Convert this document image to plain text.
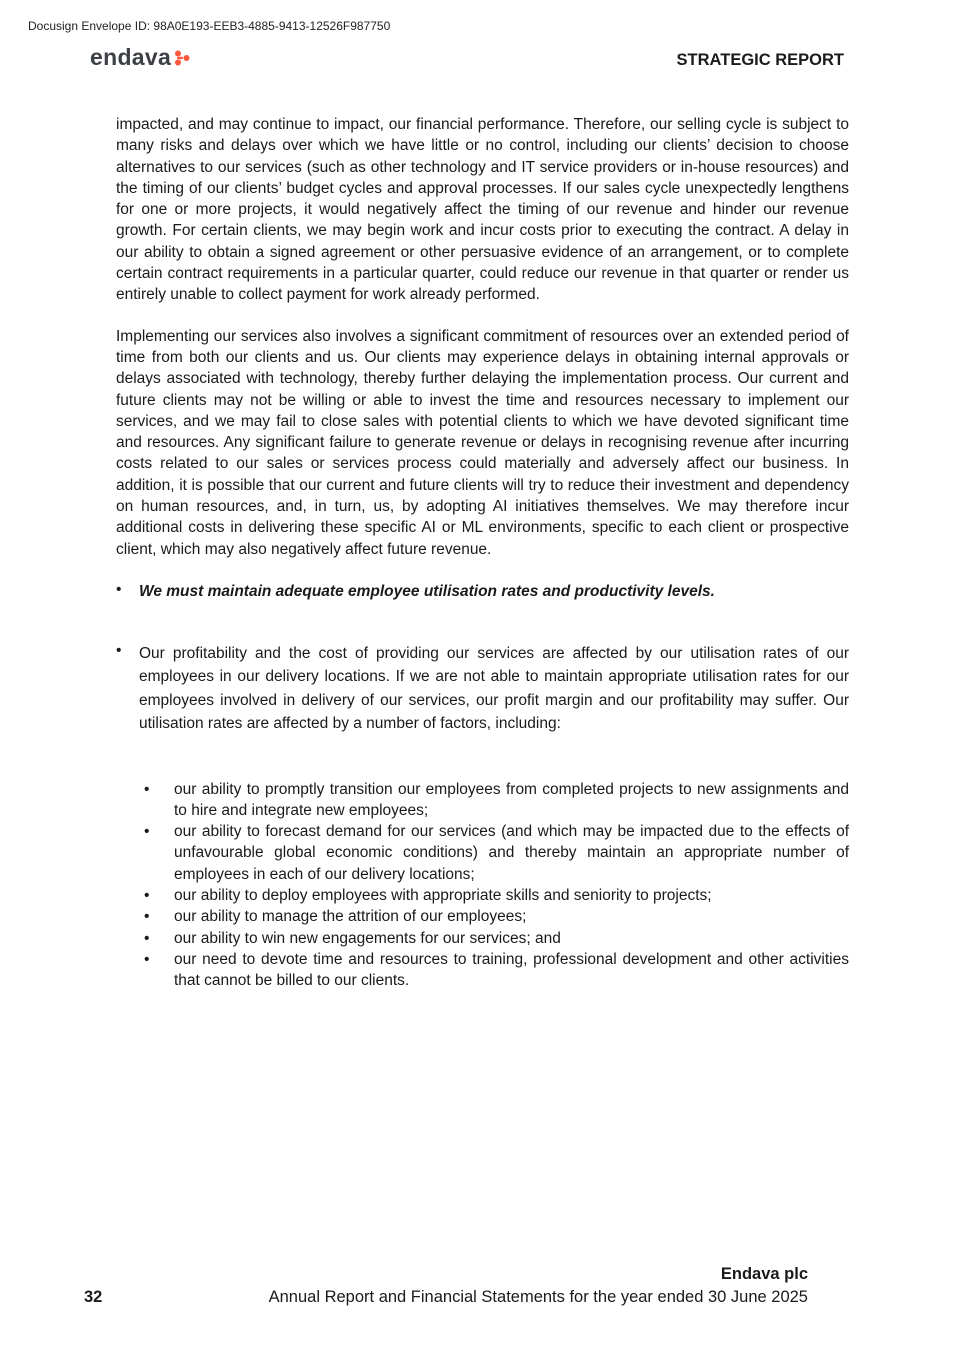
Docusign Envelope ID: 98A0E193-EEB3-4885-9413-12526F987750
endava	STRATEGIC REPORT

impacted, and may continue to impact, our financial performance. Therefore, our selling cycle is subject to many risks and delays over which we have little or no control, including our clients’ decision to choose alternatives to our services (such as other technology and IT service providers or in-house resources) and the timing of our clients’ budget cycles and approval processes. If our sales cycle unexpectedly lengthens for one or more projects, it would negatively affect the timing of our revenue and hinder our revenue growth. For certain clients, we may begin work and incur costs prior to executing the contract. A delay in our ability to obtain a signed agreement or other persuasive evidence of an arrangement, or to complete certain contract requirements in a particular quarter, could reduce our revenue in that quarter or render us entirely unable to collect payment for work already performed.

Implementing our services also involves a significant commitment of resources over an extended period of time from both our clients and us. Our clients may experience delays in obtaining internal approvals or delays associated with technology, thereby further delaying the implementation process. Our current and future clients may not be willing or able to invest the time and resources necessary to implement our services, and we may fail to close sales with potential clients to which we have devoted significant time and resources. Any significant failure to generate revenue or delays in recognising revenue after incurring costs related to our sales or services process could materially and adversely affect our business. In addition, it is possible that our current and future clients will try to reduce their investment and dependency on human resources, and, in turn, us, by adopting AI initiatives themselves. We may therefore incur additional costs in delivering these specific AI or ML environments, specific to each client or prospective client, which may also negatively affect future revenue.

•	We must maintain adequate employee utilisation rates and productivity levels.
•	Our profitability and the cost of providing our services are affected by our utilisation rates of our employees in our delivery locations. If we are not able to maintain appropriate utilisation rates for our employees involved in delivery of our services, our profit margin and our profitability may suffer. Our utilisation rates are affected by a number of factors, including:
•	our ability to promptly transition our employees from completed projects to new assignments and to hire and integrate new employees;
•	our ability to forecast demand for our services (and which may be impacted due to the effects of unfavourable global economic conditions) and thereby maintain an appropriate number of employees in each of our delivery locations;
•	our ability to deploy employees with appropriate skills and seniority to projects;
•	our ability to manage the attrition of our employees;
•	our ability to win new engagements for our services; and
•	our need to devote time and resources to training, professional development and other activities that cannot be billed to our clients.
Endava plc
32	Annual Report and Financial Statements for the year ended 30 June 2025
